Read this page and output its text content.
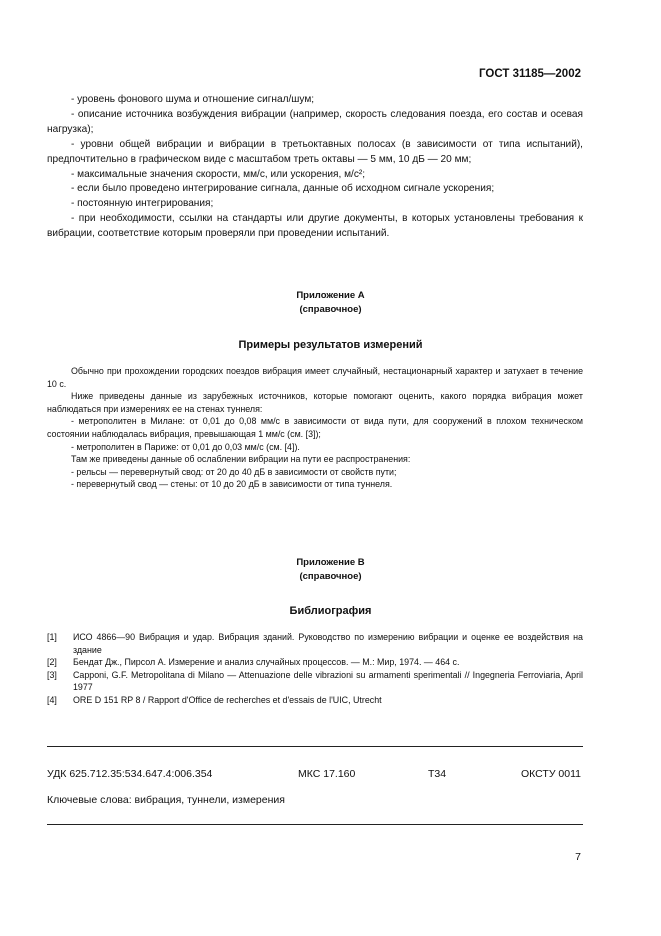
ГОСТ 31185—2002

- уровень фонового шума и отношение сигнал/шум;

- описание источника возбуждения вибрации (например, скорость следования поезда, его состав и осевая нагрузка);

- уровни общей вибрации и вибрации в третьоктавных полосах (в зависимости от типа испытаний), предпочтительно в графическом виде с масштабом треть октавы — 5 мм, 10 дБ — 20 мм;

- максимальные значения скорости, мм/с, или ускорения, м/с²;

- если было проведено интегрирование сигнала, данные об исходном сигнале ускорения;

- постоянную интегрирования;

- при необходимости, ссылки на стандарты или другие документы, в которых установлены требования к вибрации, соответствие которым проверяли при проведении испытаний.

Приложение А
(справочное)
Примеры результатов измерений

Обычно при прохождении городских поездов вибрация имеет случайный, нестационарный характер и затухает в течение 10 с.

Ниже приведены данные из зарубежных источников, которые помогают оценить, какого порядка вибрация может наблюдаться при измерениях ее на стенах туннеля:

- метрополитен в Милане: от 0,01 до 0,08 мм/с в зависимости от вида пути, для сооружений в плохом техническом состоянии наблюдалась вибрация, превышающая 1 мм/с (см. [3]);

- метрополитен в Париже: от 0,01 до 0,03 мм/с (см. [4]).

Там же приведены данные об ослаблении вибрации на пути ее распространения:

- рельсы — перевернутый свод: от 20 до 40 дБ в зависимости от свойств пути;

- перевернутый свод — стены: от 10 до 20 дБ в зависимости от типа туннеля.

Приложение В
(справочное)
Библиография
[1]	ИСО 4866—90 Вибрация и удар. Вибрация зданий. Руководство по измерению вибрации и оценке ее воздействия на здание
[2]	Бендат Дж., Пирсол А. Измерение и анализ случайных процессов. — М.: Мир, 1974. — 464 с.
[3]	Capponi, G.F. Metropolitana di Milano — Attenuazione delle vibrazioni su armamenti sperimentali // Ingegneria Ferroviaria, April 1977
[4]	ORE D 151 RP 8 / Rapport d'Office de recherches et d'essais de l'UIC, Utrecht
УДК 625.712.35:534.647.4:006.354	МКС 17.160	Т34	ОКСТУ 0011
Ключевые слова: вибрация, туннели, измерения
7
